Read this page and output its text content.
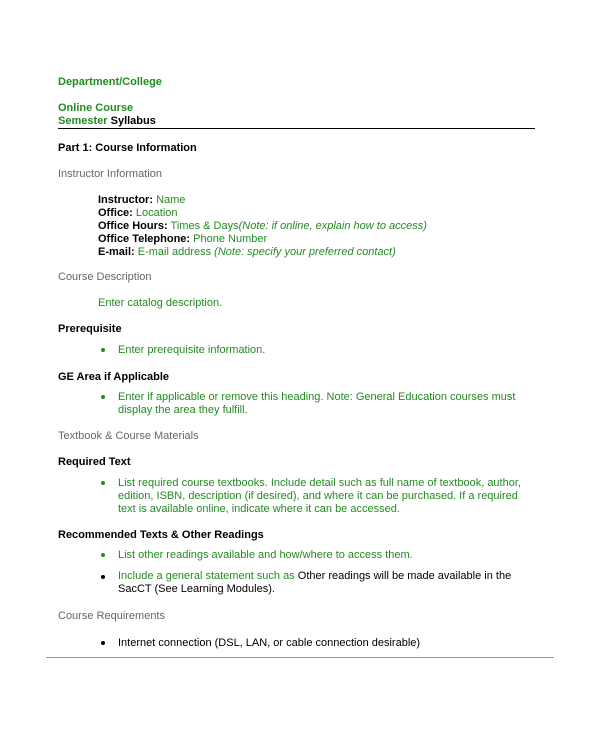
Department/College
Online Course
Semester Syllabus
Part 1: Course Information
Instructor Information
Instructor: Name
Office: Location
Office Hours: Times & Days(Note: if online, explain how to access)
Office Telephone: Phone Number
E-mail: E-mail address (Note: specify your preferred contact)
Course Description
Enter catalog description.
Prerequisite
Enter prerequisite information.
GE Area if Applicable
Enter if applicable or remove this heading. Note: General Education courses must
display the area they fulfill.
Textbook & Course Materials
Required Text
List required course textbooks. Include detail such as full name of textbook, author,
edition, ISBN, description (if desired), and where it can be purchased. If a required
text is available online, indicate where it can be accessed.
Recommended Texts & Other Readings
List other readings available and how/where to access them.
Include a general statement such as Other readings will be made available in the
SacCT (See Learning Modules).
Course Requirements
Internet connection (DSL, LAN, or cable connection desirable)
